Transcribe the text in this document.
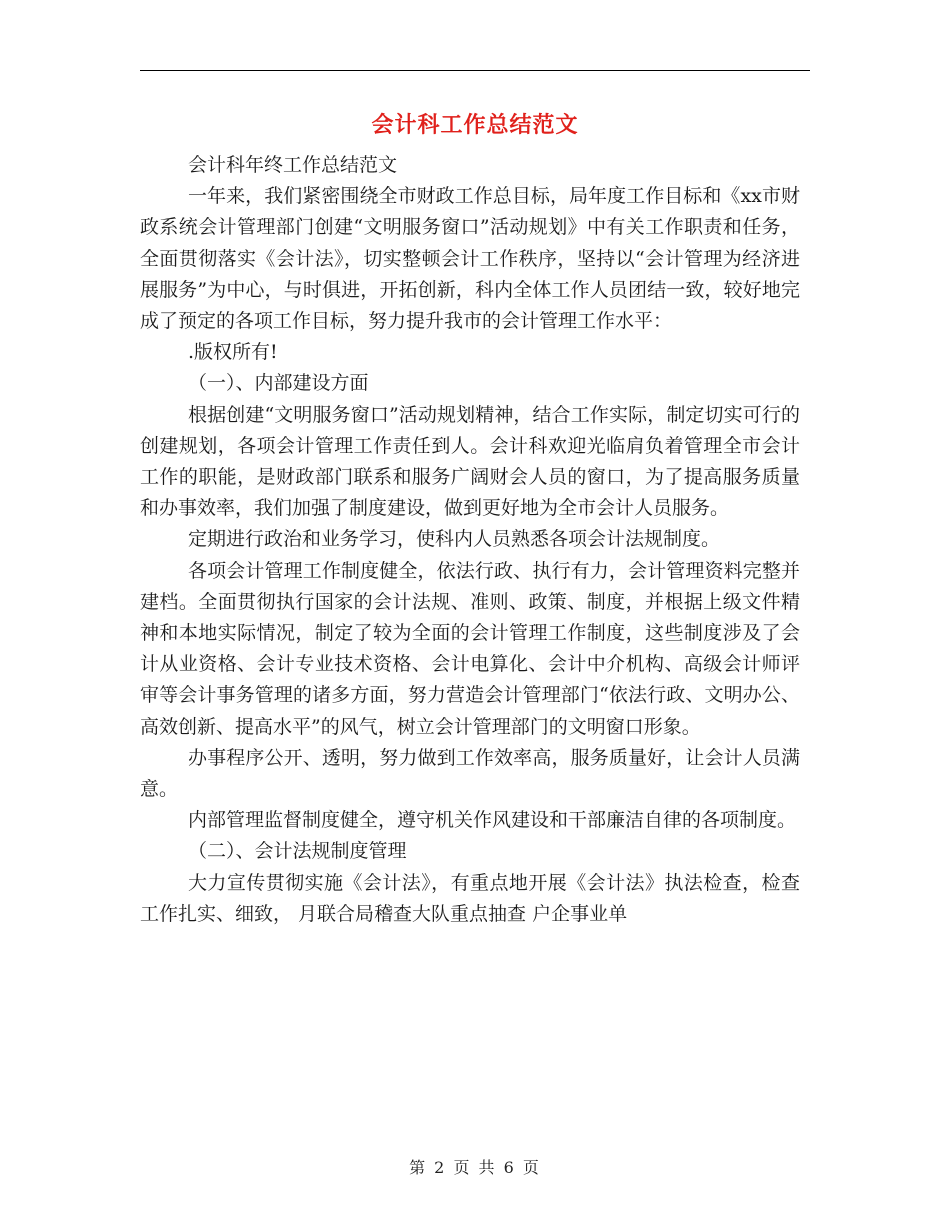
会计科工作总结范文

会计科年终工作总结范文

一年来，我们紧密围绕全市财政工作总目标，局年度工作目标和《xx市财政系统会计管理部门创建“文明服务窗口”活动规划》中有关工作职责和任务，全面贯彻落实《会计法》，切实整顿会计工作秩序，坚持以“会计管理为经济进展服务”为中心，与时俱进，开拓创新，科内全体工作人员团结一致，较好地完成了预定的各项工作目标，努力提升我市的会计管理工作水平：

.版权所有!

（一）、内部建设方面

根据创建“文明服务窗口”活动规划精神，结合工作实际，制定切实可行的创建规划，各项会计管理工作责任到人。会计科欢迎光临肩负着管理全市会计工作的职能，是财政部门联系和服务广阔财会人员的窗口，为了提高服务质量和办事效率，我们加强了制度建设，做到更好地为全市会计人员服务。

定期进行政治和业务学习，使科内人员熟悉各项会计法规制度。

各项会计管理工作制度健全，依法行政、执行有力，会计管理资料完整并建档。全面贯彻执行国家的会计法规、准则、政策、制度，并根据上级文件精神和本地实际情况，制定了较为全面的会计管理工作制度，这些制度涉及了会计从业资格、会计专业技术资格、会计电算化、会计中介机构、高级会计师评审等会计事务管理的诸多方面，努力营造会计管理部门“依法行政、文明办公、高效创新、提高水平”的风气，树立会计管理部门的文明窗口形象。

办事程序公开、透明，努力做到工作效率高，服务质量好，让会计人员满意。

内部管理监督制度健全，遵守机关作风建设和干部廉洁自律的各项制度。

（二）、会计法规制度管理

大力宣传贯彻实施《会计法》，有重点地开展《会计法》执法检查，检查工作扎实、细致， 月联合局稽查大队重点抽查 户企事业单

第 2 页 共 6 页
